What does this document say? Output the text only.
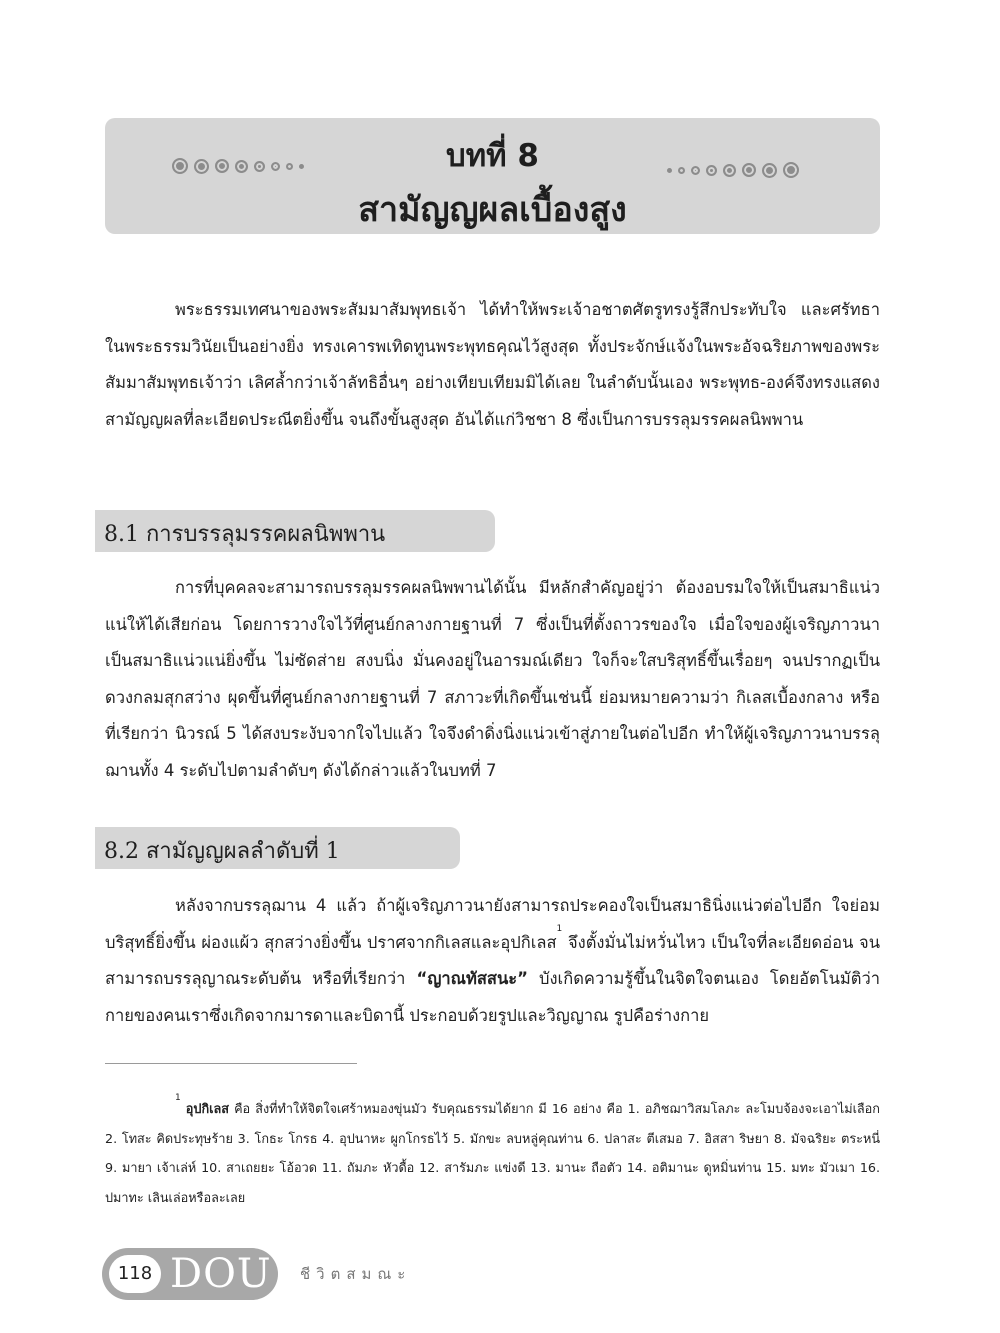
บทที่ 8
สามัญญผลเบื้องสูง

พระธรรมเทศนาของพระสัมมาสัมพุทธเจ้า ได้ทำให้พระเจ้าอชาตศัตรูทรงรู้สึกประทับใจ และศรัทธาในพระธรรมวินัยเป็นอย่างยิ่ง ทรงเคารพเทิดทูนพระพุทธคุณไว้สูงสุด ทั้งประจักษ์แจ้งในพระอัจฉริยภาพของพระสัมมาสัมพุทธเจ้าว่า เลิศล้ำกว่าเจ้าลัทธิอื่นๆ อย่างเทียบเทียมมิได้เลย ในลำดับนั้นเอง พระพุทธ-องค์จึงทรงแสดงสามัญญผลที่ละเอียดประณีตยิ่งขึ้น จนถึงขั้นสูงสุด อันได้แก่วิชชา 8 ซึ่งเป็นการบรรลุมรรคผลนิพพาน

8.1 การบรรลุมรรคผลนิพพาน

การที่บุคคลจะสามารถบรรลุมรรคผลนิพพานได้นั้น มีหลักสำคัญอยู่ว่า ต้องอบรมใจให้เป็นสมาธิแน่วแน่ให้ได้เสียก่อน โดยการวางใจไว้ที่ศูนย์กลางกายฐานที่ 7 ซึ่งเป็นที่ตั้งถาวรของใจ เมื่อใจของผู้เจริญภาวนาเป็นสมาธิแน่วแน่ยิ่งขึ้น ไม่ซัดส่าย สงบนิ่ง มั่นคงอยู่ในอารมณ์เดียว ใจก็จะใสบริสุทธิ์ขึ้นเรื่อยๆ จนปรากฏเป็นดวงกลมสุกสว่าง ผุดขึ้นที่ศูนย์กลางกายฐานที่ 7 สภาวะที่เกิดขึ้นเช่นนี้ ย่อมหมายความว่า กิเลสเบื้องกลาง หรือที่เรียกว่า นิวรณ์ 5 ได้สงบระงับจากใจไปแล้ว ใจจึงดำดิ่งนิ่งแน่วเข้าสู่ภายในต่อไปอีก ทำให้ผู้เจริญภาวนาบรรลุฌานทั้ง 4 ระดับไปตามลำดับๆ ดังได้กล่าวแล้วในบทที่ 7

8.2 สามัญญผลลำดับที่ 1

หลังจากบรรลุฌาน 4 แล้ว ถ้าผู้เจริญภาวนายังสามารถประคองใจเป็นสมาธินิ่งแน่วต่อไปอีก ใจย่อมบริสุทธิ์ยิ่งขึ้น ผ่องแผ้ว สุกสว่างยิ่งขึ้น ปราศจากกิเลสและอุปกิเลส$^1$ จึงตั้งมั่นไม่หวั่นไหว เป็นใจที่ละเอียดอ่อน จนสามารถบรรลุญาณระดับต้น หรือที่เรียกว่า “ญาณทัสสนะ” บังเกิดความรู้ขึ้นในจิตใจตนเอง โดยอัตโนมัติว่า กายของคนเราซึ่งเกิดจากมารดาและบิดานี้ ประกอบด้วยรูปและวิญญาณ รูปคือร่างกาย

$^1$ อุปกิเลส คือ สิ่งที่ทำให้จิตใจเศร้าหมองขุ่นมัว รับคุณธรรมได้ยาก มี 16 อย่าง คือ 1. อภิชฌาวิสมโลภะ ละโมบจ้องจะเอาไม่เลือก 2. โทสะ คิดประทุษร้าย 3. โกธะ โกรธ 4. อุปนาหะ ผูกโกรธไว้ 5. มักขะ ลบหลู่คุณท่าน 6. ปลาสะ ตีเสมอ 7. อิสสา ริษยา 8. มัจฉริยะ ตระหนี่ 9. มายา เจ้าเล่ห์ 10. สาเถยยะ โอ้อวด 11. ถัมภะ หัวดื้อ 12. สารัมภะ แข่งดี 13. มานะ ถือตัว 14. อติมานะ ดูหมิ่นท่าน 15. มทะ มัวเมา 16. ปมาทะ เลินเล่อหรือละเลย

118 DOU ชีวิตสมณะ
